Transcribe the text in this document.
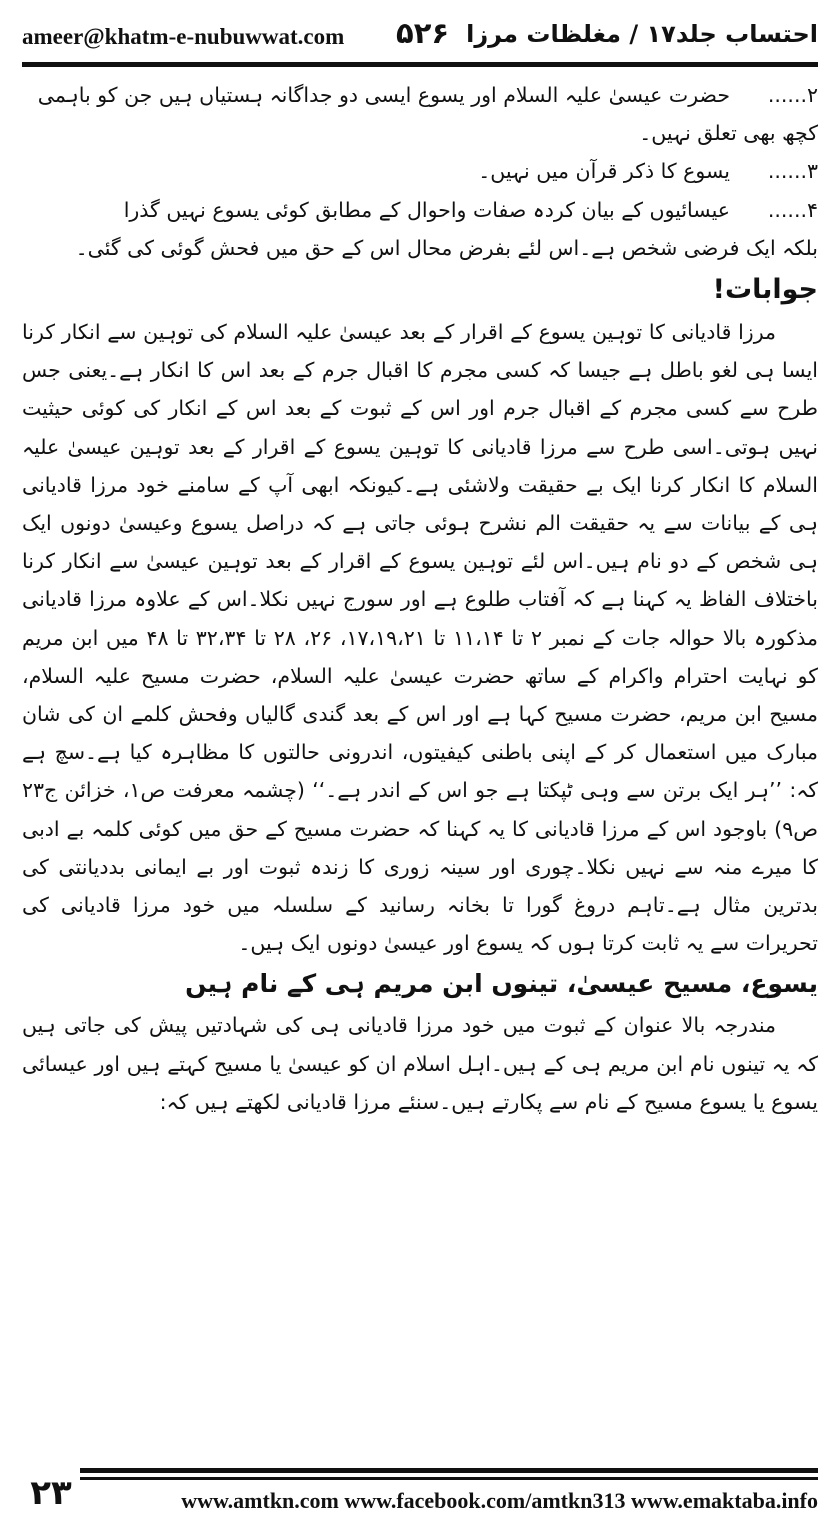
ameer@khatm-e-nubuwwat.com ۵۲۶ احتساب جلد۱۷ / مغلظات مرزا

۲......حضرت عیسیٰ علیہ السلام اور یسوع ایسی دو جداگانہ ہستیاں ہیں جن کو باہمی

کچھ بھی تعلق نہیں۔

۳......یسوع کا ذکر قرآن میں نہیں۔

۴......عیسائیوں کے بیان کردہ صفات واحوال کے مطابق کوئی یسوع نہیں گذرا

بلکہ ایک فرضی شخص ہے۔اس لئے بفرض محال اس کے حق میں فحش گوئی کی گئی۔

جوابات!

مرزا قادیانی کا توہین یسوع کے اقرار کے بعد عیسیٰ علیہ السلام کی توہین سے انکار کرنا ایسا ہی لغو باطل ہے جیسا کہ کسی مجرم کا اقبال جرم کے بعد اس کا انکار ہے۔یعنی جس طرح سے کسی مجرم کے اقبال جرم اور اس کے ثبوت کے بعد اس کے انکار کی کوئی حیثیت نہیں ہوتی۔اسی طرح سے مرزا قادیانی کا توہین یسوع کے اقرار کے بعد توہین عیسیٰ علیہ السلام کا انکار کرنا ایک بے حقیقت ولاشئی ہے۔کیونکہ ابھی آپ کے سامنے خود مرزا قادیانی ہی کے بیانات سے یہ حقیقت الم نشرح ہوئی جاتی ہے کہ دراصل یسوع وعیسیٰ دونوں ایک ہی شخص کے دو نام ہیں۔اس لئے توہین یسوع کے اقرار کے بعد توہین عیسیٰ سے انکار کرنا باختلاف الفاظ یہ کہنا ہے کہ آفتاب طلوع ہے اور سورج نہیں نکلا۔اس کے علاوہ مرزا قادیانی مذکورہ بالا حوالہ جات کے نمبر ۲ تا ۱۱،۱۴ تا ۱۷،۱۹،۲۱، ۲۶، ۲۸ تا ۳۲،۳۴ تا ۴۸ میں ابن مریم کو نہایت احترام واکرام کے ساتھ حضرت عیسیٰ علیہ السلام، حضرت مسیح علیہ السلام، مسیح ابن مریم، حضرت مسیح کہا ہے اور اس کے بعد گندی گالیاں وفحش کلمے ان کی شان مبارک میں استعمال کر کے اپنی باطنی کیفیتوں، اندرونی حالتوں کا مظاہرہ کیا ہے۔سچ ہے کہ: ’’ہر ایک برتن سے وہی ٹپکتا ہے جو اس کے اندر ہے۔‘‘ (چشمہ معرفت ص۱، خزائن ج۲۳ ص۹) باوجود اس کے مرزا قادیانی کا یہ کہنا کہ حضرت مسیح کے حق میں کوئی کلمہ بے ادبی کا میرے منہ سے نہیں نکلا۔چوری اور سینہ زوری کا زندہ ثبوت اور بے ایمانی بددیانتی کی بدترین مثال ہے۔تاہم دروغ گورا تا بخانہ رسانید کے سلسلہ میں خود مرزا قادیانی کی تحریرات سے یہ ثابت کرتا ہوں کہ یسوع اور عیسیٰ دونوں ایک ہیں۔

یسوع، مسیح عیسیٰ، تینوں ابن مریم ہی کے نام ہیں

مندرجہ بالا عنوان کے ثبوت میں خود مرزا قادیانی ہی کی شہادتیں پیش کی جاتی ہیں کہ یہ تینوں نام ابن مریم ہی کے ہیں۔اہل اسلام ان کو عیسیٰ یا مسیح کہتے ہیں اور عیسائی یسوع یا یسوع مسیح کے نام سے پکارتے ہیں۔سنئے مرزا قادیانی لکھتے ہیں کہ:

۲۳	www.amtkn.com www.facebook.com/amtkn313 www.emaktaba.info
